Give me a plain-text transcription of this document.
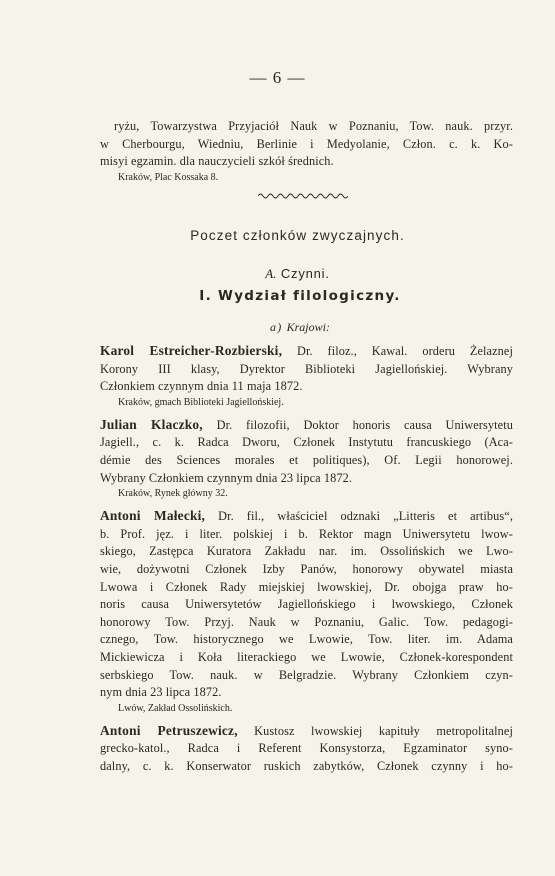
— 6 —
ryżu, Towarzystwa Przyjaciół Nauk w Poznaniu, Tow. nauk. przyr.
w Cherbourgu, Wiedniu, Berlinie i Medyolanie, Człon. c. k. Ko-
misyi egzamin. dla nauczycieli szkół średnich.
Kraków, Plac Kossaka 8.
Poczet członków zwyczajnych.
A. Czynni.
I. Wydział filologiczny.
a) Krajowi:
Karol Estreicher-Rozbierski, Dr. filoz., Kawal. orderu Żelaznej
Korony III klasy, Dyrektor Biblioteki Jagiellońskiej. Wybrany
Członkiem czynnym dnia 11 maja 1872.
Kraków, gmach Biblioteki Jagiellońskiej.
Julian Klaczko, Dr. filozofii, Doktor honoris causa Uniwersytetu
Jagiell., c. k. Radca Dworu, Członek Instytutu francuskiego (Aca-
démie des Sciences morales et politiques), Of. Legii honorowej.
Wybrany Członkiem czynnym dnia 23 lipca 1872.
Kraków, Rynek główny 32.
Antoni Małecki, Dr. fil., właściciel odznaki „Litteris et artibus“,
b. Prof. jęz. i liter. polskiej i b. Rektor magn Uniwersytetu lwow-
skiego, Zastępca Kuratora Zakładu nar. im. Ossolińskich we Lwo-
wie, dożywotni Członek Izby Panów, honorowy obywatel miasta
Lwowa i Członek Rady miejskiej lwowskiej, Dr. obojga praw ho-
noris causa Uniwersytetów Jagiellońskiego i lwowskiego, Członek
honorowy Tow. Przyj. Nauk w Poznaniu, Galic. Tow. pedagogi-
cznego, Tow. historycznego we Lwowie, Tow. liter. im. Adama
Mickiewicza i Koła literackiego we Lwowie, Członek-korespondent
serbskiego Tow. nauk. w Belgradzie. Wybrany Członkiem czyn-
nym dnia 23 lipca 1872.
Lwów, Zakład Ossolińskich.
Antoni Petruszewicz, Kustosz lwowskiej kapituły metropolitalnej
grecko-katol., Radca i Referent Konsystorza, Egzaminator syno-
dalny, c. k. Konserwator ruskich zabytków, Członek czynny i ho-
